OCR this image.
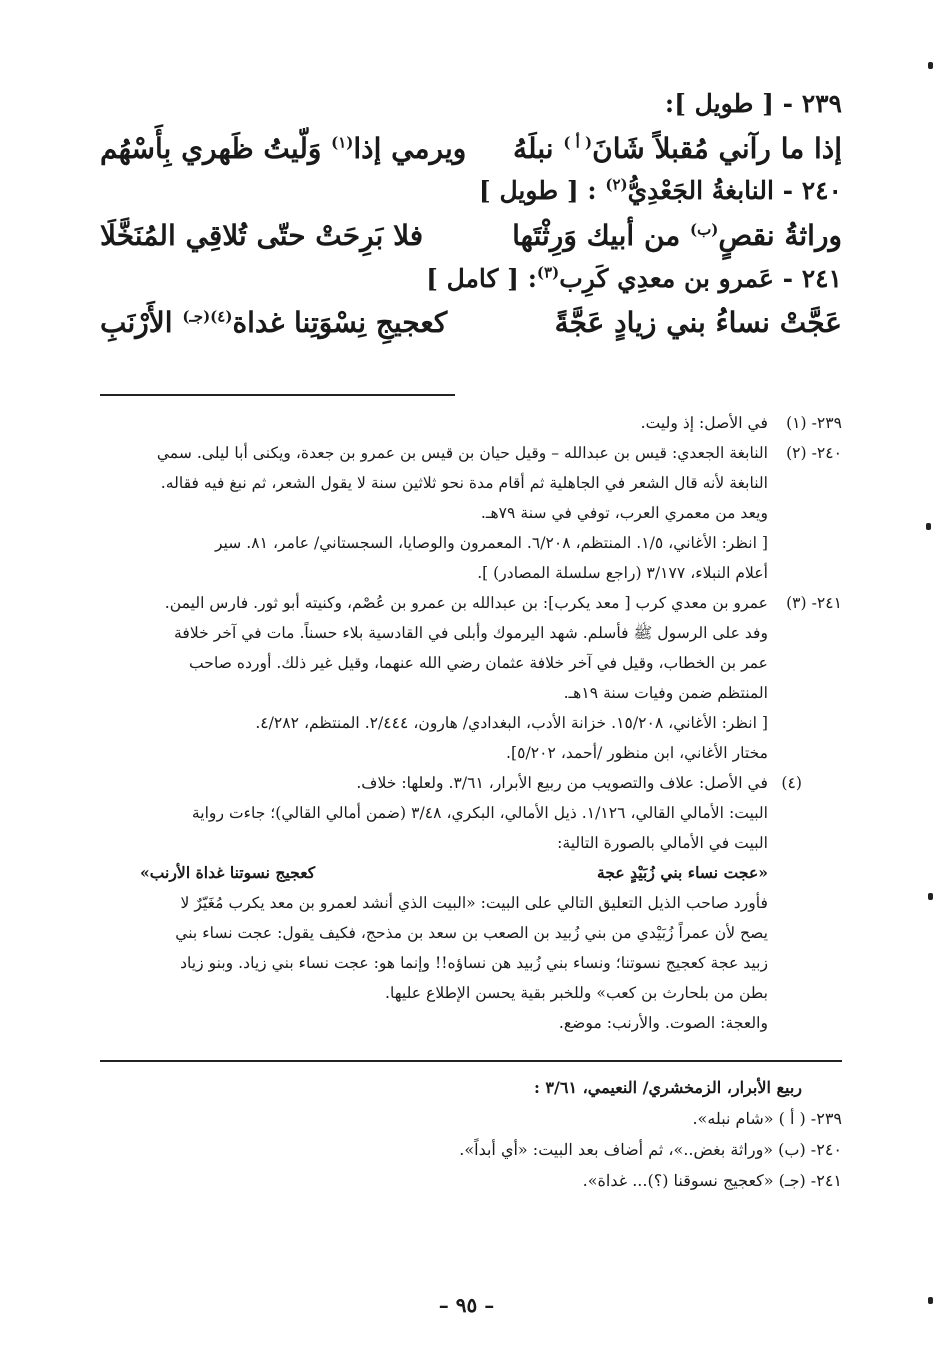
٢٣٩ - [ طويل ]:

إذا ما رآني مُقبلاً شَانَ$^{( أ )}$ نبلَهُ
ويرمي إذا$^{(١)}$ وَلّيتُ ظَهري بِأَسْهُم

٢٤٠ - النابغةُ الجَعْدِيُّ$^{(٢)}$ : [ طويل ]

وراثةُ نقصٍ$^{(ب)}$ من أبيك وَرِثْتَها
فلا بَرِحَتْ حتّى تُلاقِي المُنَخَّلَا

٢٤١ - عَمرو بن معدِي كَرِب$^{(٣)}$: [ كامل ]

عَجَّتْ نساءُ بني زيادٍ عَجَّةً
كعجيجِ نِسْوَتِنا غداة$^{(٤)(جـ)}$ الأَرْنَبِ
٢٣٩- (١)

في الأصل: إذ وليت.

٢٤٠- (٢)

النابغة الجعدي: قيس بن عبدالله – وقيل حيان بن قيس بن عمرو بن جعدة، ويكنى أبا ليلى. سمي

النابغة لأنه قال الشعر في الجاهلية ثم أقام مدة نحو ثلاثين سنة لا يقول الشعر، ثم نبغ فيه فقاله.

ويعد من معمري العرب، توفي في سنة ٧٩هـ.

[ انظر: الأغاني، ١/٥. المنتظم، ٦/٢٠٨. المعمرون والوصايا، السجستاني/ عامر، ٨١. سير

أعلام النبلاء، ٣/١٧٧ (راجع سلسلة المصادر) ].

٢٤١- (٣)

عمرو بن معدي كرب [ معد يكرب]: بن عبدالله بن عمرو بن عُصْم، وكنيته أبو ثور. فارس اليمن.

وفد على الرسول ﷺ فأسلم. شهد اليرموك وأبلى في القادسية بلاء حسناً. مات في آخر خلافة

عمر بن الخطاب، وقيل في آخر خلافة عثمان رضي الله عنهما، وقيل غير ذلك. أورده صاحب

المنتظم ضمن وفيات سنة ١٩هـ.

[ انظر: الأغاني، ١٥/٢٠٨. خزانة الأدب، البغدادي/ هارون، ٢/٤٤٤. المنتظم، ٤/٢٨٢.

مختار الأغاني، ابن منظور /أحمد، ٥/٢٠٢].

(٤)

في الأصل: علاف والتصويب من ربيع الأبرار، ٣/٦١. ولعلها: خلاف.

البيت: الأمالي القالي، ١/١٢٦. ذيل الأمالي، البكري، ٣/٤٨ (ضمن أمالي القالي)؛ جاءت رواية

البيت في الأمالي بالصورة التالية:

«عجت نساء بني زُبَيْدٍ عجة
كعجيج نسوتنا غداة الأرنب»

فأورد صاحب الذيل التعليق التالي على البيت: «البيت الذي أنشد لعمرو بن معد يكرب مُغَيّرٌ لا

يصح لأن عمراً زُبَيْدي من بني زُبيد بن الصعب بن سعد بن مذحج، فكيف يقول: عجت نساء بني

زبيد عجة كعجيج نسوتنا؛ ونساء بني زُبيد هن نساؤه!! وإنما هو: عجت نساء بني زياد. وبنو زياد

بطن من بلحارث بن كعب» وللخبر بقية يحسن الإطلاع عليها.

والعجة: الصوت. والأرنب: موضع.

ربيع الأبرار، الزمخشري/ النعيمي، ٣/٦١ :
٢٣٩- ( أ ) «شام نبله».
٢٤٠- (ب) «وراثة بغض..»، ثم أضاف بعد البيت: «أي أبداً».
٢٤١- (جـ) «كعجيج نسوقنا (؟)... غداة».
– ٩٥ –
